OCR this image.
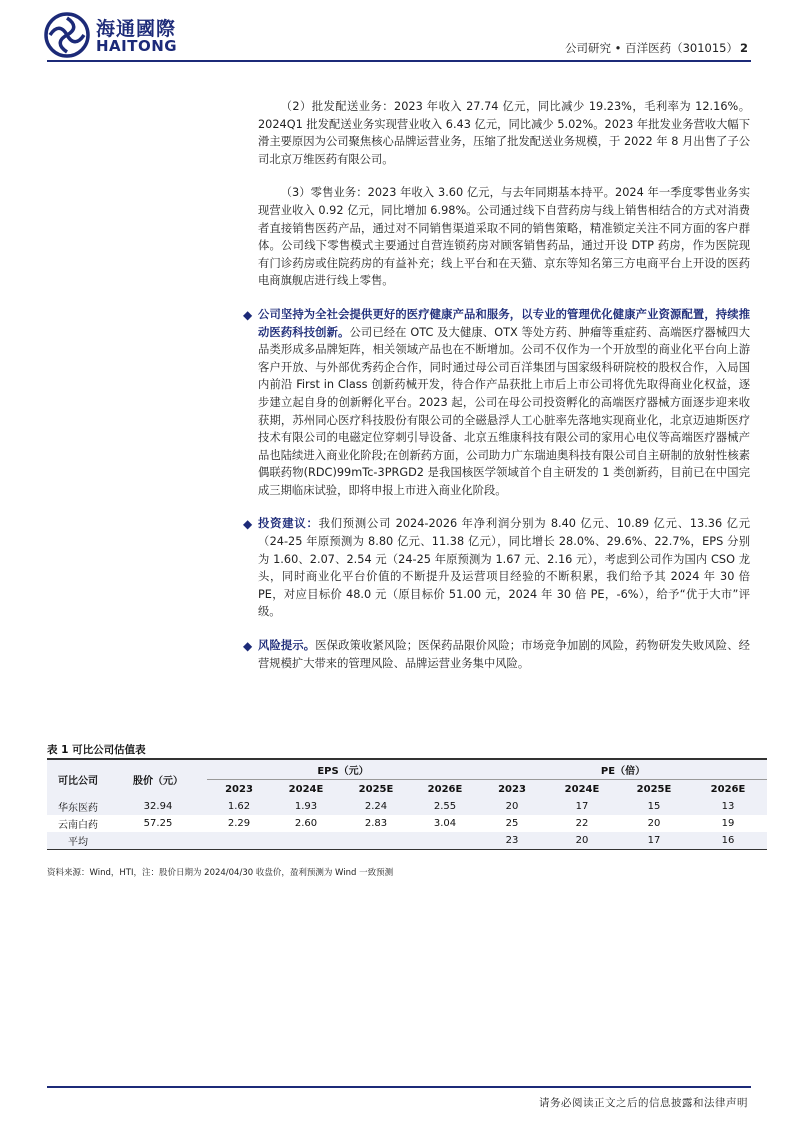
海通國際
HAITONG	公司研究 • 百洋医药（301015） 2

（2）批发配送业务：2023 年收入 27.74 亿元，同比减少 19.23%，毛利率为 12.16%。2024Q1 批发配送业务实现营业收入 6.43 亿元，同比减少 5.02%。2023 年批发业务营收大幅下滑主要原因为公司聚焦核心品牌运营业务，压缩了批发配送业务规模，于 2022 年 8 月出售了子公司北京万维医药有限公司。

（3）零售业务：2023 年收入 3.60 亿元，与去年同期基本持平。2024 年一季度零售业务实现营业收入 0.92 亿元，同比增加 6.98%。公司通过线下自营药房与线上销售相结合的方式对消费者直接销售医药产品，通过对不同销售渠道采取不同的销售策略，精准锁定关注不同方面的客户群体。公司线下零售模式主要通过自营连锁药房对顾客销售药品，通过开设 DTP 药房，作为医院现有门诊药房或住院药房的有益补充；线上平台和在天猫、京东等知名第三方电商平台上开设的医药电商旗舰店进行线上零售。

◆ 公司坚持为全社会提供更好的医疗健康产品和服务，以专业的管理优化健康产业资源配置，持续推动医药科技创新。公司已经在 OTC 及大健康、OTX 等处方药、肿瘤等重症药、高端医疗器械四大品类形成多品牌矩阵，相关领域产品也在不断增加。公司不仅作为一个开放型的商业化平台向上游客户开放、与外部优秀药企合作，同时通过母公司百洋集团与国家级科研院校的股权合作，入局国内前沿 First in Class 创新药械开发，待合作产品获批上市后上市公司将优先取得商业化权益，逐步建立起自身的创新孵化平台。2023 起，公司在母公司投资孵化的高端医疗器械方面逐步迎来收获期，苏州同心医疗科技股份有限公司的全磁悬浮人工心脏率先落地实现商业化，北京迈迪斯医疗技术有限公司的电磁定位穿刺引导设备、北京五维康科技有限公司的家用心电仪等高端医疗器械产品也陆续进入商业化阶段;在创新药方面，公司助力广东瑞迪奥科技有限公司自主研制的放射性核素偶联药物(RDC)99mTc-3PRGD2 是我国核医学领域首个自主研发的 1 类创新药，目前已在中国完成三期临床试验，即将申报上市进入商业化阶段。
◆ 投资建议：我们预测公司 2024-2026 年净利润分别为 8.40 亿元、10.89 亿元、13.36 亿元（24-25 年原预测为 8.80 亿元、11.38 亿元），同比增长 28.0%、29.6%、22.7%，EPS 分别为 1.60、2.07、2.54 元（24-25 年原预测为 1.67 元、2.16 元），考虑到公司作为国内 CSO 龙头，同时商业化平台价值的不断提升及运营项目经验的不断积累，我们给予其 2024 年 30 倍 PE，对应目标价 48.0 元（原目标价 51.00 元，2024 年 30 倍 PE，-6%），给予“优于大市”评级。
◆ 风险提示。医保政策收紧风险；医保药品限价风险；市场竞争加剧的风险，药物研发失败风险、经营规模扩大带来的管理风险、品牌运营业务集中风险。
表 1 可比公司估值表
可比公司	股价（元）	EPS（元）				PE（倍）			
		2023	2024E	2025E	2026E	2023	2024E	2025E	2026E
华东医药	32.94	1.62	1.93	2.24	2.55	20	17	15	13
云南白药	57.25	2.29	2.60	2.83	3.04	25	22	20	19
平均						23	20	17	16
资料来源：Wind，HTI，注：股价日期为 2024/04/30 收盘价，盈利预测为 Wind 一致预测
请务必阅读正文之后的信息披露和法律声明
